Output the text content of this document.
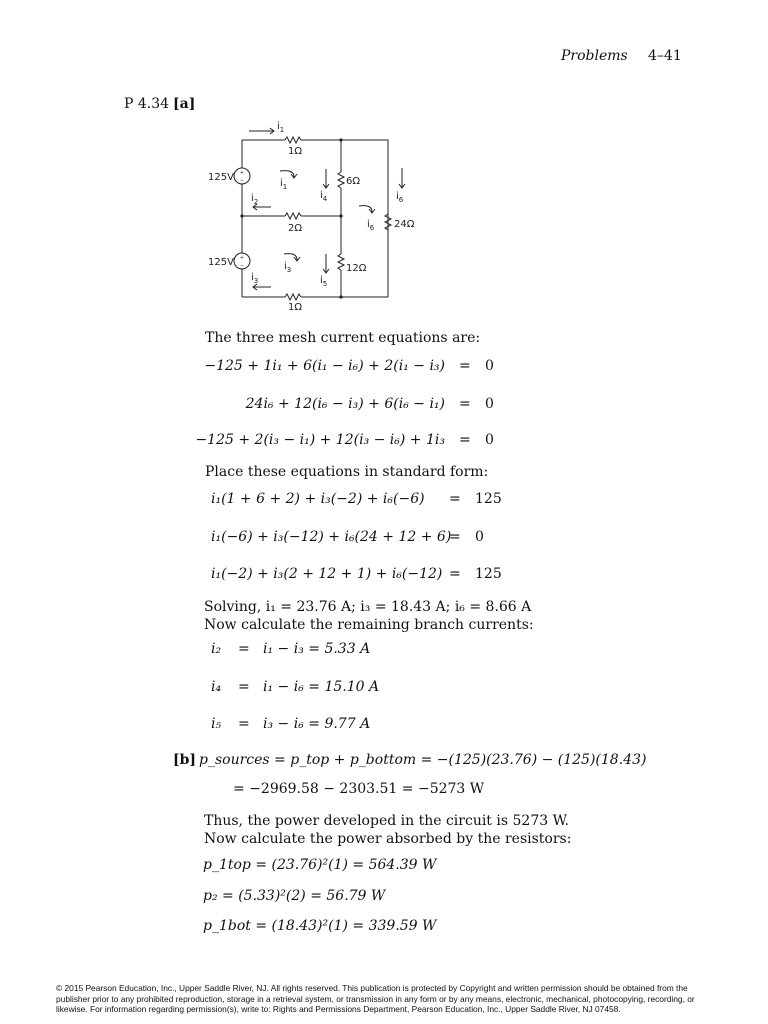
Problems 4–41
P 4.34 [a]
+
−
+
−
125V
125V
1Ω
2Ω
1Ω
6Ω
12Ω
24Ω
$i_1$
$i_1$
$i_2$
$i_3$
$i_3$
$i_4$
$i_5$
$i_6$
$i_6$
The three mesh current equations are:
−125 + 1i₁ + 6(i₁ − i₆) + 2(i₁ − i₃) = 0
24i₆ + 12(i₆ − i₃) + 6(i₆ − i₁) = 0
−125 + 2(i₃ − i₁) + 12(i₃ − i₆) + 1i₃ = 0
Place these equations in standard form:
i₁(1 + 6 + 2) + i₃(−2) + i₆(−6) = 125
i₁(−6) + i₃(−12) + i₆(24 + 12 + 6)
= 0
i₁(−2) + i₃(2 + 12 + 1) + i₆(−12) = 125
Solving, i₁ = 23.76 A; i₃ = 18.43 A; i₆ = 8.66 A
Now calculate the remaining branch currents:
i₂ = i₁ − i₃ = 5.33 A
i₄ = i₁ − i₆ = 15.10 A
i₅ = i₃ − i₆ = 9.77 A
[b] p_sources = p_top + p_bottom = −(125)(23.76) − (125)(18.43)
= −2969.58 − 2303.51 = −5273 W
Thus, the power developed in the circuit is 5273 W.
Now calculate the power absorbed by the resistors:
p_1top = (23.76)²(1) = 564.39 W
p₂ = (5.33)²(2) = 56.79 W
p_1bot = (18.43)²(1) = 339.59 W
© 2015 Pearson Education, Inc., Upper Saddle River, NJ. All rights reserved. This publication is protected by Copyright and written permission should be obtained from the publisher prior to any prohibited reproduction, storage in a retrieval system, or transmission in any form or by any means, electronic, mechanical, photocopying, recording, or likewise. For information regarding permission(s), write to: Rights and Permissions Department, Pearson Education, Inc., Upper Saddle River, NJ 07458.
